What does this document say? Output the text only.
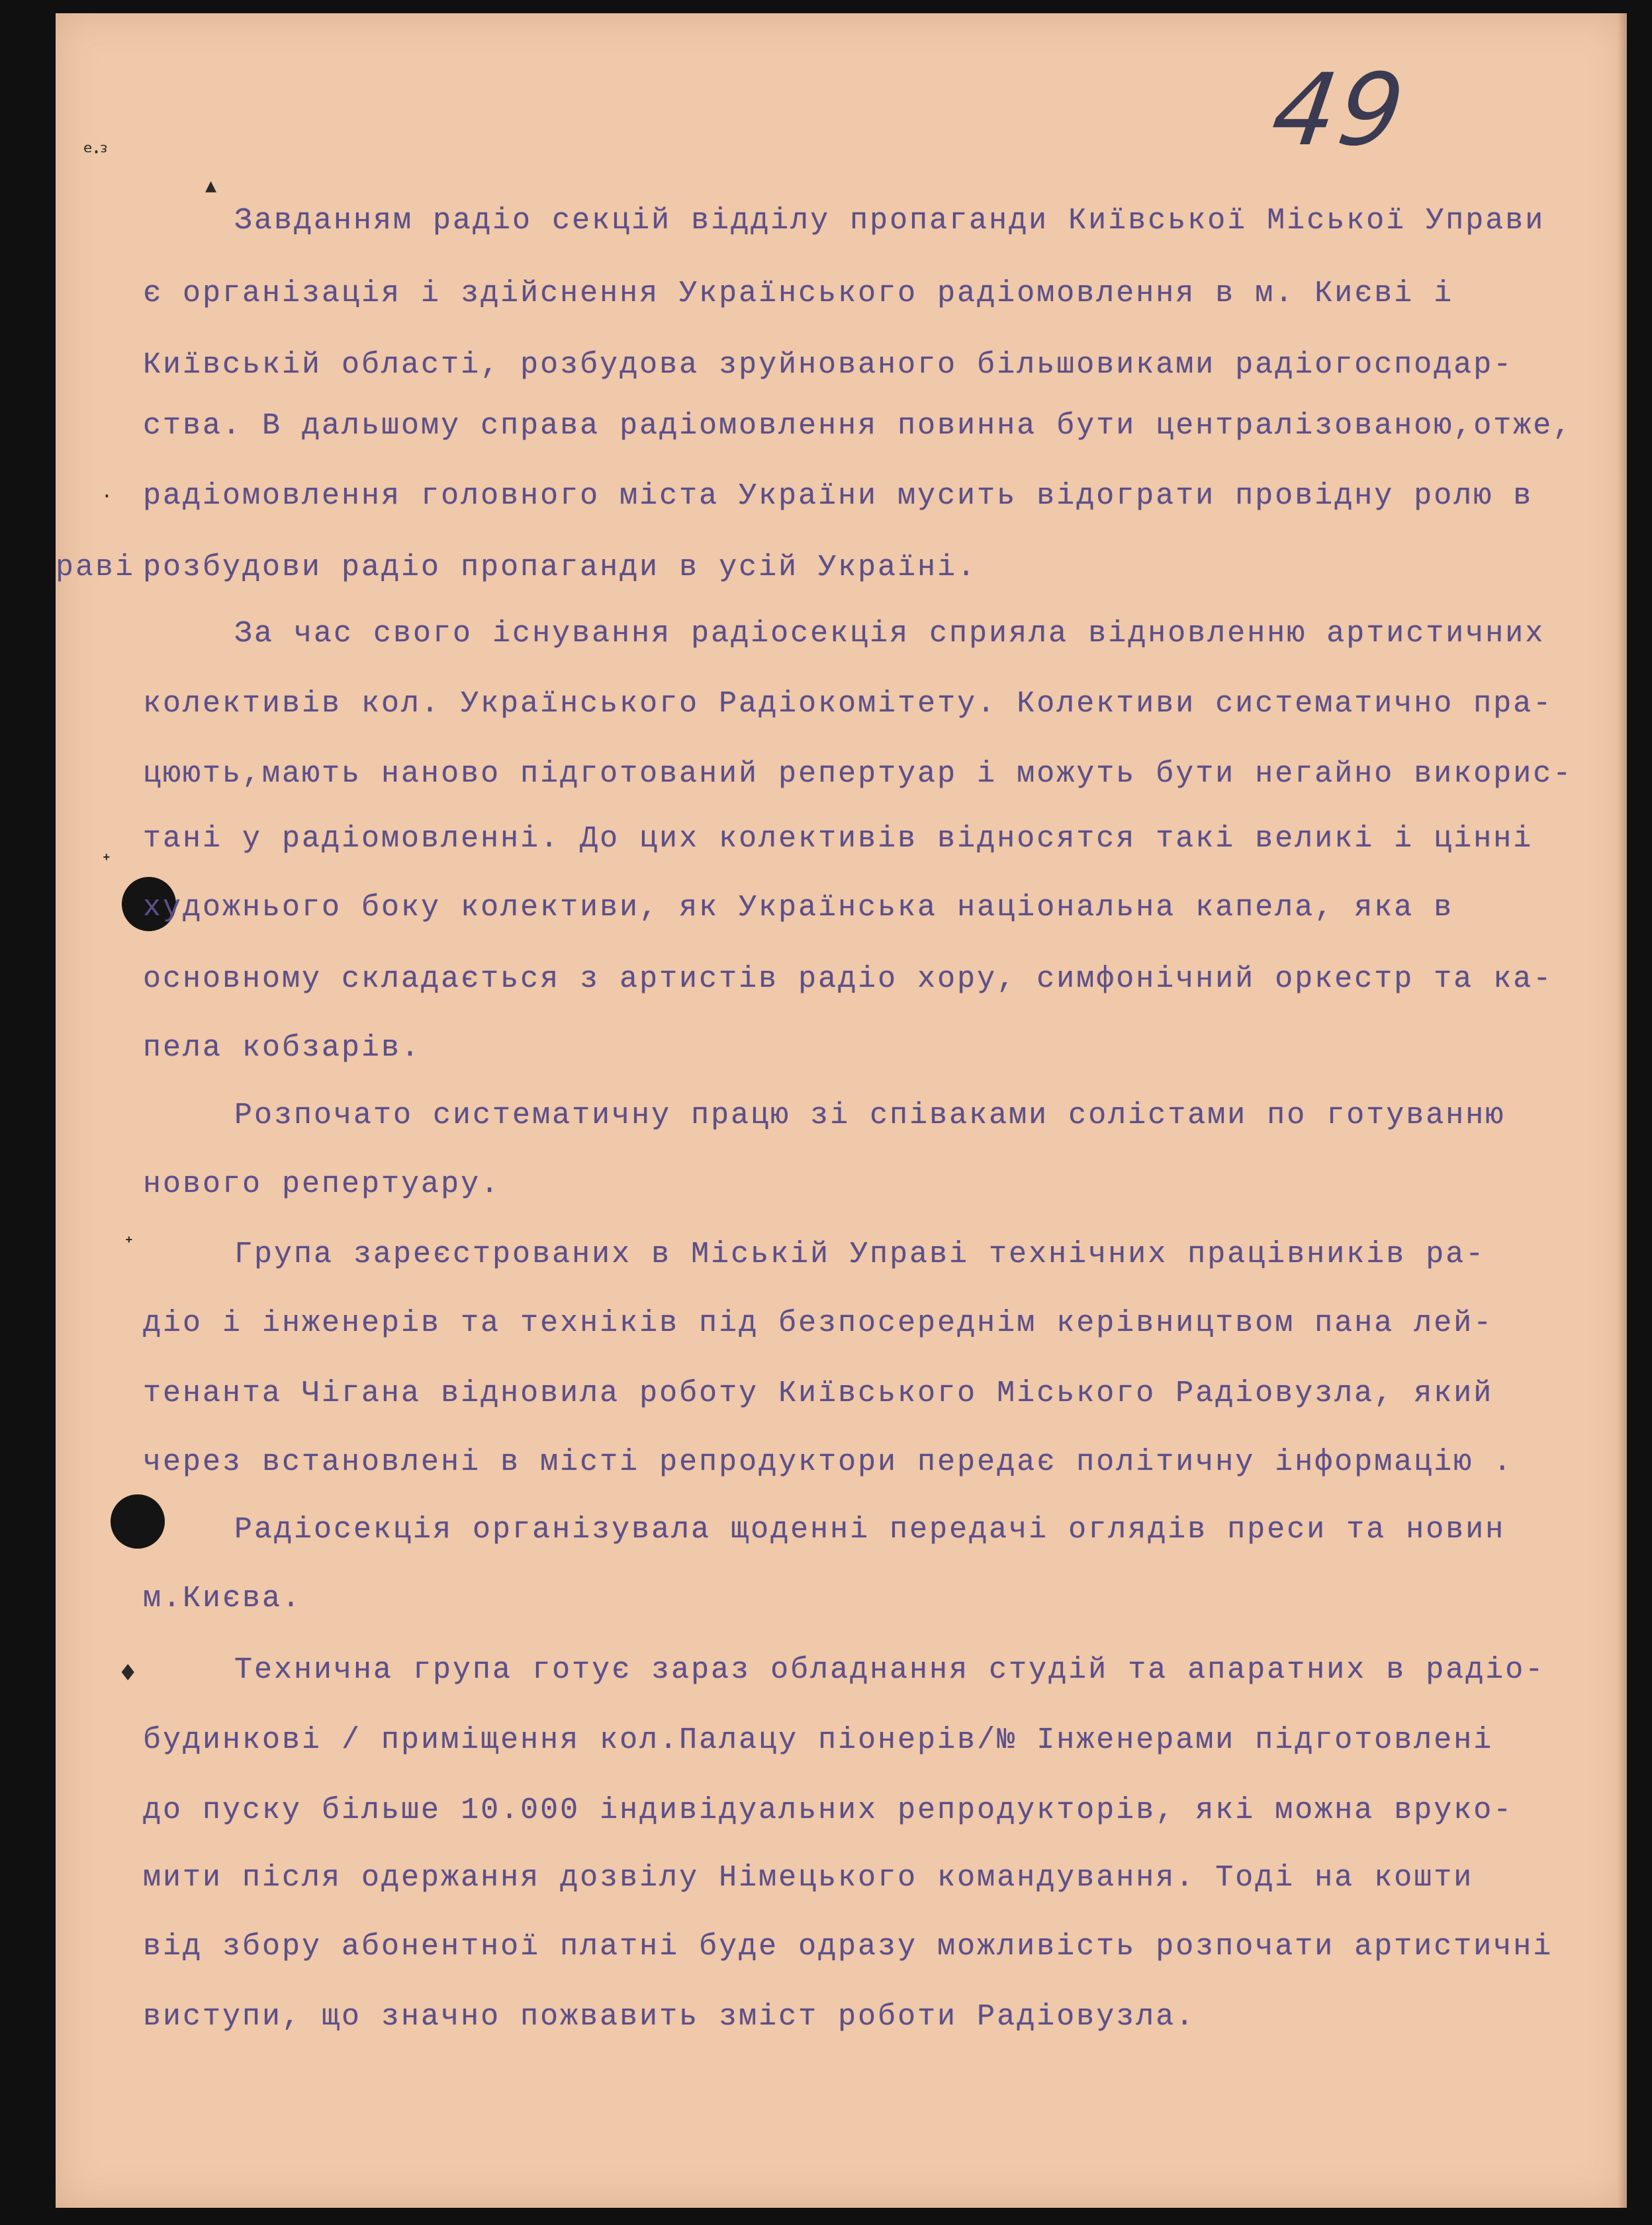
49
ᵉ·ᵌ
▴
·
ᐩ
ᐩ
♦
раві
Завданням радіо секцій відділу пропаганди Київської Міської Управи
є організація і здійснення Українського радіомовлення в м. Києві і
Київській області, розбудова зруйнованого більшовиками радіогосподар-
ства. В дальшому справа радіомовлення повинна бути централізованою,отже,
радіомовлення головного міста України мусить відограти провідну ролю в
розбудови радіо пропаганди в усій Україні.
За час свого існування радіосекція сприяла відновленню артистичних
колективів кол. Українського Радіокомітету. Колективи систематично пра-
цюють,мають наново підготований репертуар і можуть бути негайно викорис-
тані у радіомовленні. До цих колективів відносятся такі великі і цінні
художнього боку колективи, як Українська національна капела, яка в
основному складається з артистів радіо хору, симфонічний оркестр та ка-
пела кобзарів.
Розпочато систематичну працю зі співаками солістами по готуванню
нового репертуару.
Група зареєстрованих в Міській Управі технічних працівників ра-
діо і інженерів та техніків під безпосереднім керівництвом пана лей-
тенанта Чігана відновила роботу Київського Міського Радіовузла, який
через встановлені в місті репродуктори передає політичну інформацію .
Радіосекція організувала щоденні передачі оглядів преси та новин
м.Києва.
Технична група готує зараз обладнання студій та апаратних в радіо-
будинкові / приміщення кол.Палацу піонерів/№ Інженерами підготовлені
до пуску більше 10.000 індивідуальних репродукторів, які можна вруко-
мити після одержання дозвілу Німецького командування. Тоді на кошти
від збору абонентної платні буде одразу можливість розпочати артистичні
виступи, що значно пожвавить зміст роботи Радіовузла.
